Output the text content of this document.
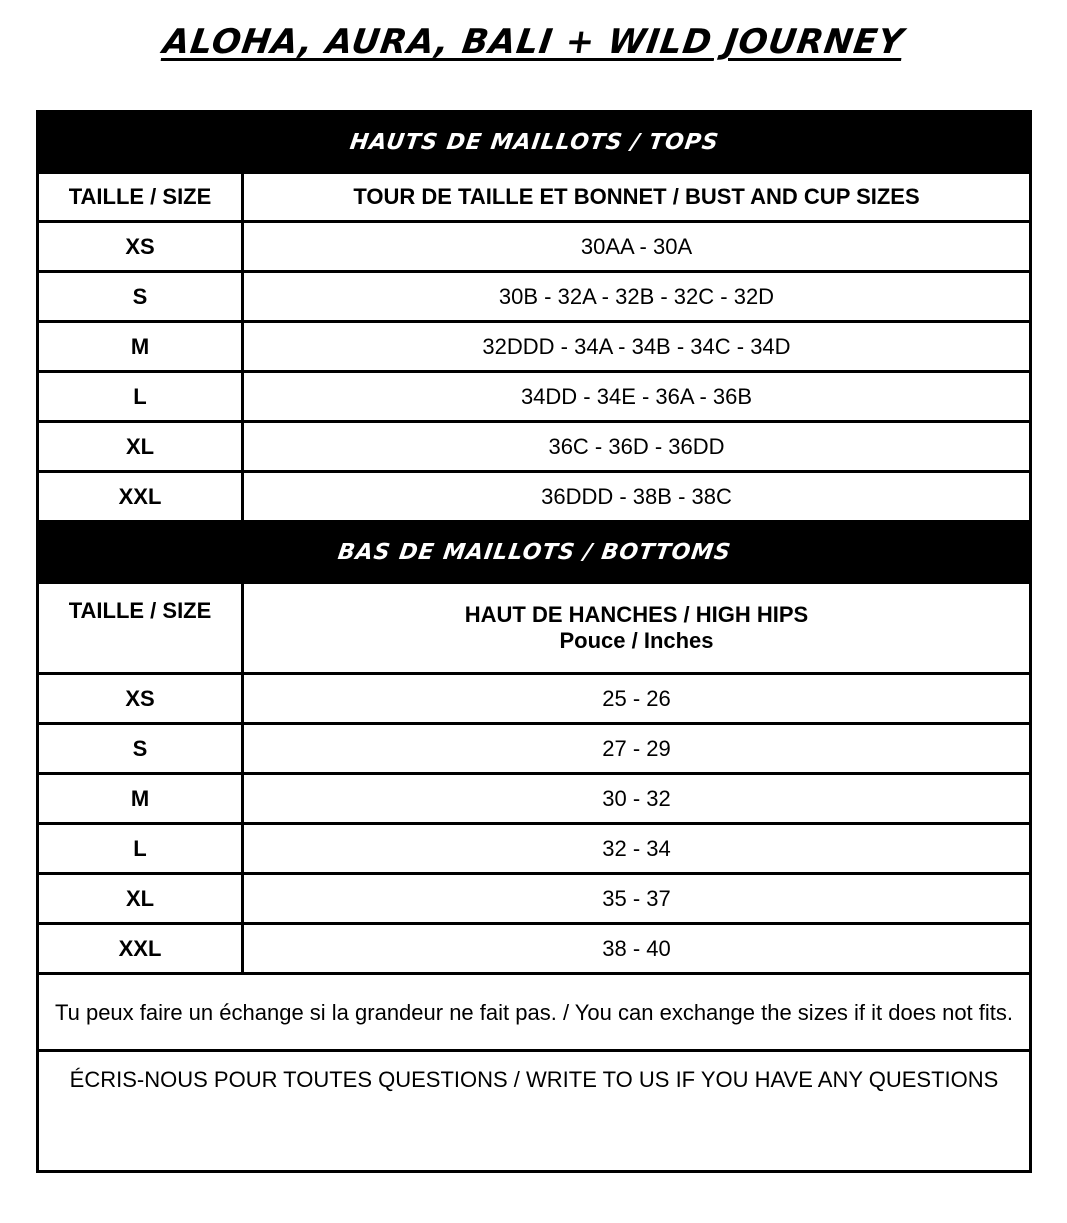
ALOHA, AURA, BALI + WILD JOURNEY
HAUTS DE MAILLOTS / TOPS	
TAILLE / SIZE	TOUR DE TAILLE ET BONNET / BUST AND CUP SIZES
XS	30AA - 30A
S	30B - 32A - 32B - 32C - 32D
M	32DDD - 34A - 34B - 34C - 34D
L	34DD - 34E - 36A - 36B
XL	36C - 36D - 36DD
XXL	36DDD - 38B - 38C
BAS DE MAILLOTS / BOTTOMS	
TAILLE / SIZE	HAUT DE HANCHES / HIGH HIPS
Pouce / Inches

XS	25 - 26
S	27 - 29
M	30 - 32
L	32 - 34
XL	35 - 37
XXL	38 - 40
Tu peux faire un échange si la grandeur ne fait pas. / You can exchange the sizes if it does not fits.	
ÉCRIS-NOUS POUR TOUTES QUESTIONS / WRITE TO US IF YOU HAVE ANY QUESTIONS	
